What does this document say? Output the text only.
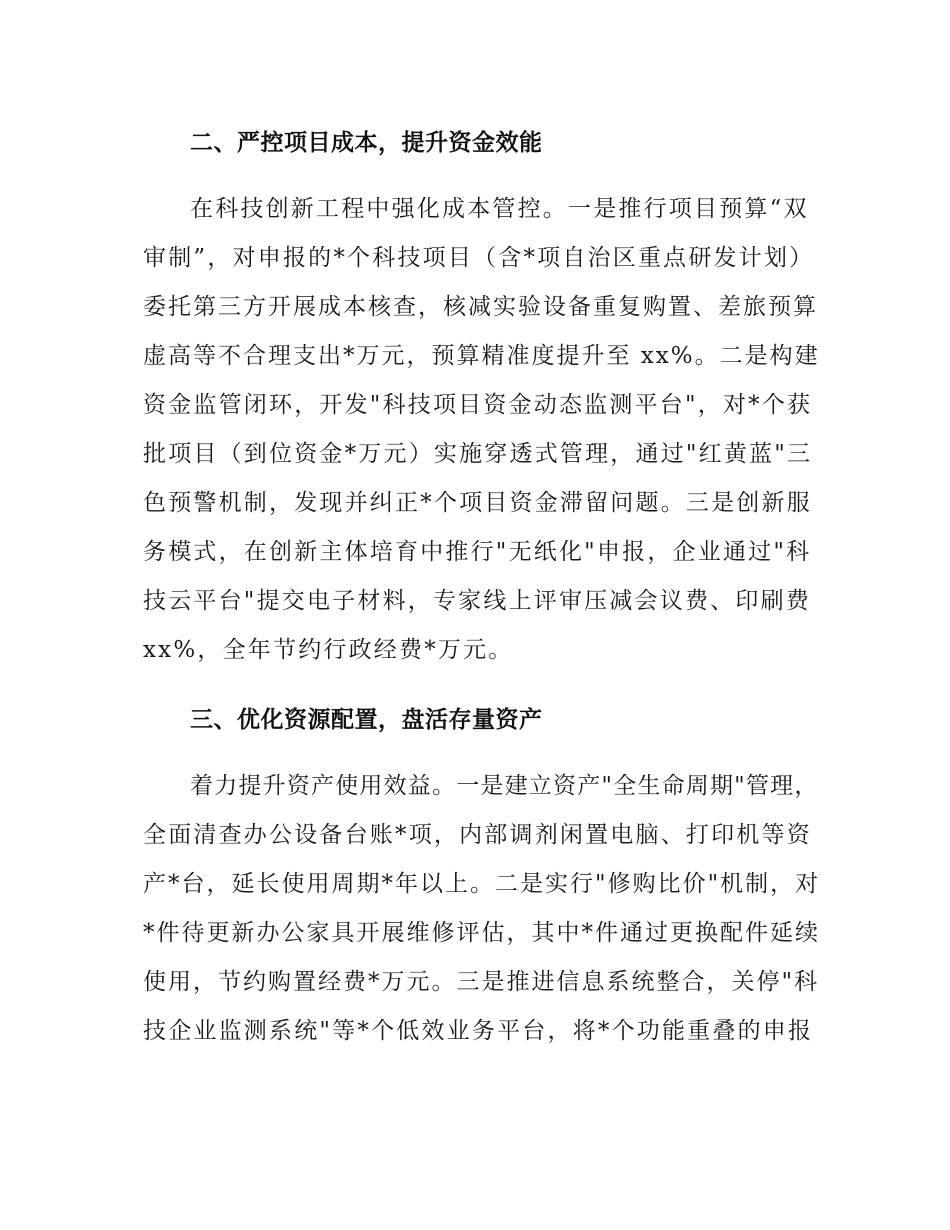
二、严控项目成本，提升资金效能

在科技创新工程中强化成本管控。一是推行项目预算“双

审制”，对申报的*个科技项目（含*项自治区重点研发计划）

委托第三方开展成本核查，核减实验设备重复购置、差旅预算

虚高等不合理支出*万元，预算精准度提升至 xx%。二是构建

资金监管闭环，开发"科技项目资金动态监测平台"，对*个获

批项目（到位资金*万元）实施穿透式管理，通过"红黄蓝"三

色预警机制，发现并纠正*个项目资金滞留问题。三是创新服

务模式，在创新主体培育中推行"无纸化"申报，企业通过"科

技云平台"提交电子材料，专家线上评审压减会议费、印刷费

xx%，全年节约行政经费*万元。

三、优化资源配置，盘活存量资产

着力提升资产使用效益。一是建立资产"全生命周期"管理，

全面清查办公设备台账*项，内部调剂闲置电脑、打印机等资

产*台，延长使用周期*年以上。二是实行"修购比价"机制，对

*件待更新办公家具开展维修评估，其中*件通过更换配件延续

使用，节约购置经费*万元。三是推进信息系统整合，关停"科

技企业监测系统"等*个低效业务平台，将*个功能重叠的申报
